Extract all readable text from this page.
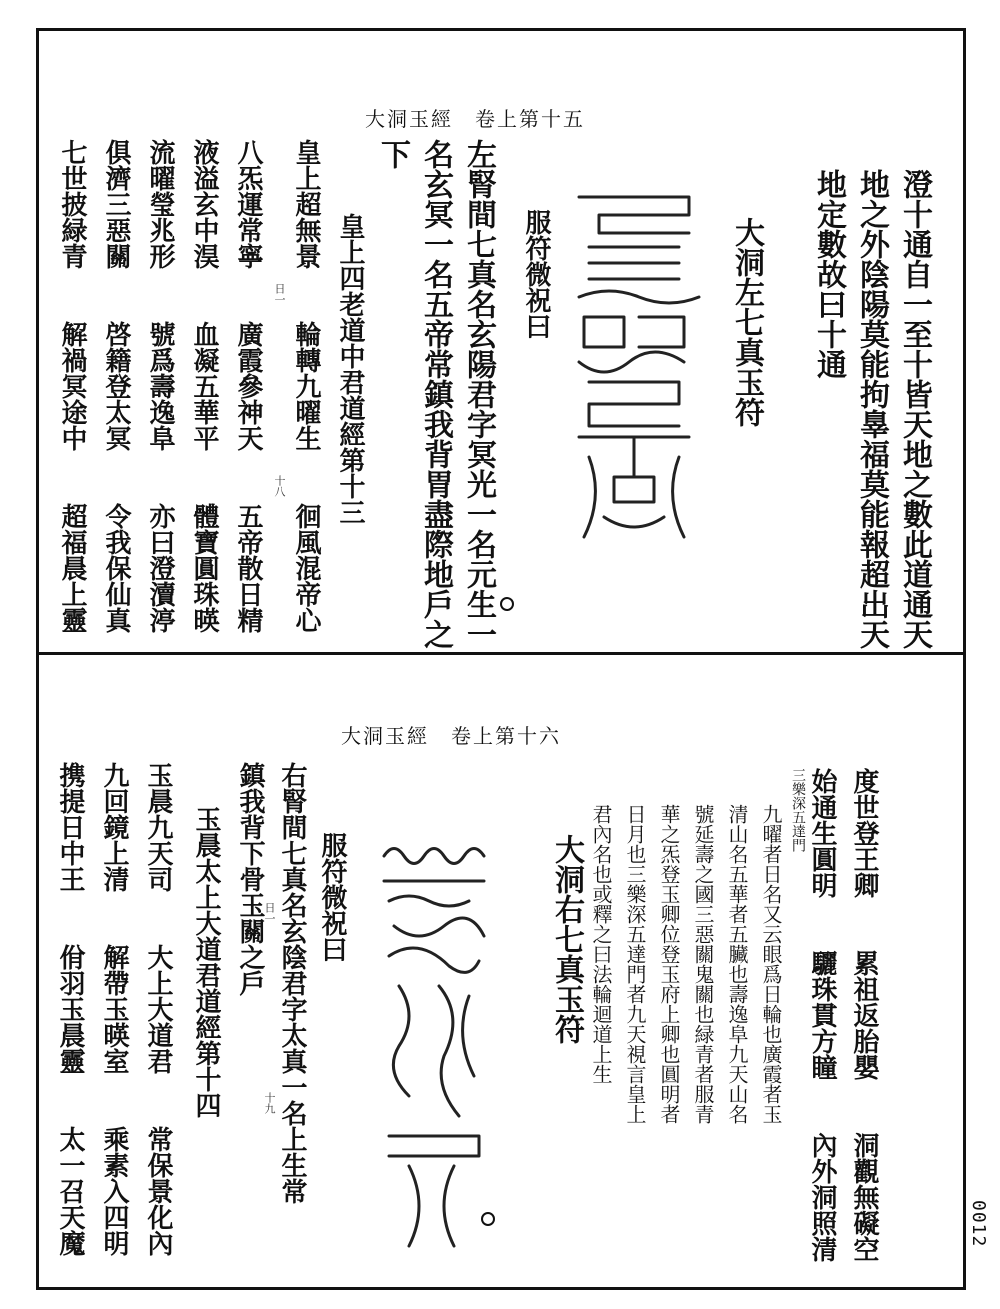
大洞玉經　卷上第十五
澄十通自一至十皆天地之數此道通天
地之外陰陽莫能拘辠福莫能報超出天
地定數故曰十通
大洞左七真玉符
服符微祝曰
左腎間七真名玄陽君字冥光一名元生一
名玄冥一名五帝常鎮我背胃盡際地戶之
下
皇上四老道中君道經第十三
皇上超無景　　輪轉九曜生　　徊風混帝心
八炁運常寧　　廣霞參神天　　五帝散日精
液溢玄中淏　　血凝五華平　　體寶圓珠暎
流曜瑩兆形　　號爲壽逸阜　　亦曰澄瀆渟
俱濟三惡關　　啓籍登太冥　　令我保仙真
七世披緑青　　解禍冥途中　　超福晨上靈	日一
十八
大洞玉經　卷上第十六
度世登王卿　　累祖返胎嬰　　洞觀無礙空
始通生圓明　　驪珠貫方瞳　　內外洞照清
三樂深五達門
九曜者日名又云眼爲日輪也廣霞者玉
清山名五華者五臟也壽逸阜九天山名
號延壽之國三惡關鬼關也緑青者服青
華之炁登玉卿位登玉府上卿也圓明者
日月也三樂深五達門者九天視言皇上
君內名也或釋之曰法輪迴道上生
大洞右七真玉符
服符微祝曰
右腎間七真名玄陰君字太真一名上生常
鎮我背下骨玉關之戶
玉晨太上大道君道經第十四
玉晨九天司　　大上大道君　　常保景化內
九回鏡上清　　解帶玉暎室　　乘素入四明
携提日中王　　佾羽玉晨靈　　太一召天魔	日一
十九
0012
